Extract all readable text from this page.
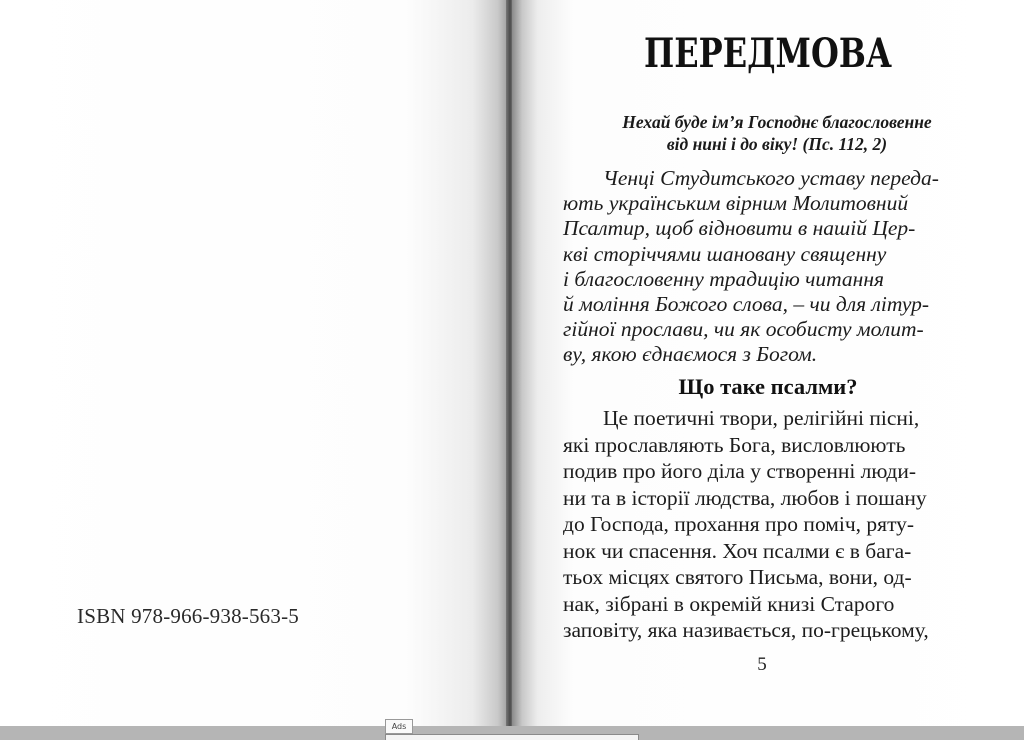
ISBN 978-966-938-563-5
ПЕРЕДМОВА
Нехай буде ім’я Господнє благословенне
від нині і до віку! (Пс. 112, 2)
Ченці Студитського уставу переда-
ють українським вірним Молитовний
Псалтир, щоб відновити в нашій Цер-
кві сторіччями шановану священну
і благословенну традицію читання
й моління Божого слова, – чи для літур-
гійної прослави, чи як особисту молит-
ву, якою єднаємося з Богом.
Що таке псалми?
Це поетичні твори, релігійні пісні,
які прославляють Бога, висловлюють
подив про його діла у створенні люди-
ни та в історії людства, любов і пошану
до Господа, прохання про поміч, ряту-
нок чи спасення. Хоч псалми є в бага-
тьох місцях святого Письма, вони, од-
нак, зібрані в окремій книзі Старого
заповіту, яка називається, по-грецькому,
5
Ads
